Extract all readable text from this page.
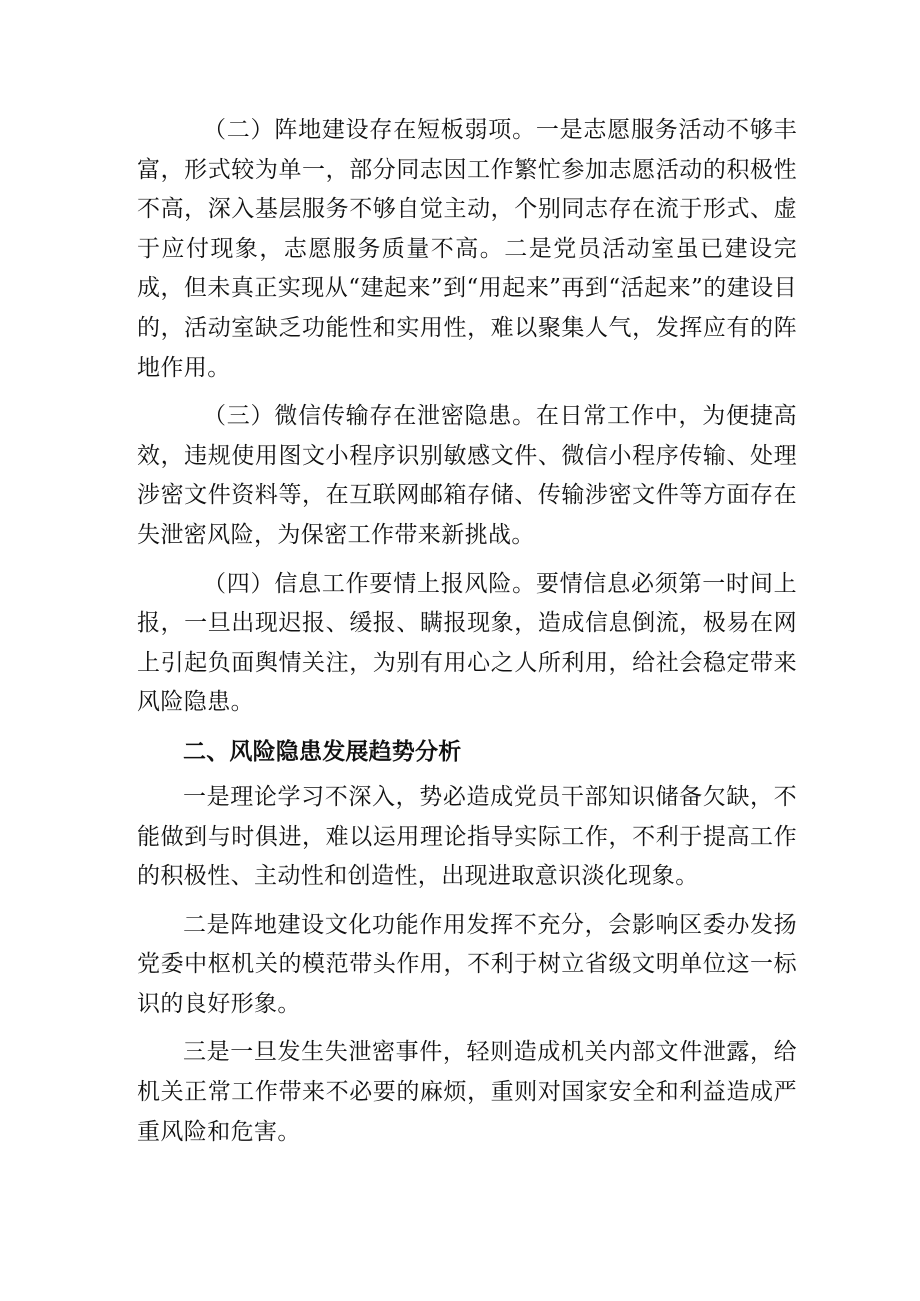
（二）阵地建设存在短板弱项。一是志愿服务活动不够丰富，形式较为单一，部分同志因工作繁忙参加志愿活动的积极性不高，深入基层服务不够自觉主动，个别同志存在流于形式、虚于应付现象，志愿服务质量不高。二是党员活动室虽已建设完成，但未真正实现从“建起来”到“用起来”再到“活起来”的建设目的，活动室缺乏功能性和实用性，难以聚集人气，发挥应有的阵地作用。

（三）微信传输存在泄密隐患。在日常工作中，为便捷高效，违规使用图文小程序识别敏感文件、微信小程序传输、处理涉密文件资料等，在互联网邮箱存储、传输涉密文件等方面存在失泄密风险，为保密工作带来新挑战。

（四）信息工作要情上报风险。要情信息必须第一时间上报，一旦出现迟报、缓报、瞒报现象，造成信息倒流，极易在网上引起负面舆情关注，为别有用心之人所利用，给社会稳定带来风险隐患。

二、风险隐患发展趋势分析

一是理论学习不深入，势必造成党员干部知识储备欠缺，不能做到与时俱进，难以运用理论指导实际工作，不利于提高工作的积极性、主动性和创造性，出现进取意识淡化现象。

二是阵地建设文化功能作用发挥不充分，会影响区委办发扬党委中枢机关的模范带头作用，不利于树立省级文明单位这一标识的良好形象。

三是一旦发生失泄密事件，轻则造成机关内部文件泄露，给机关正常工作带来不必要的麻烦，重则对国家安全和利益造成严重风险和危害。
